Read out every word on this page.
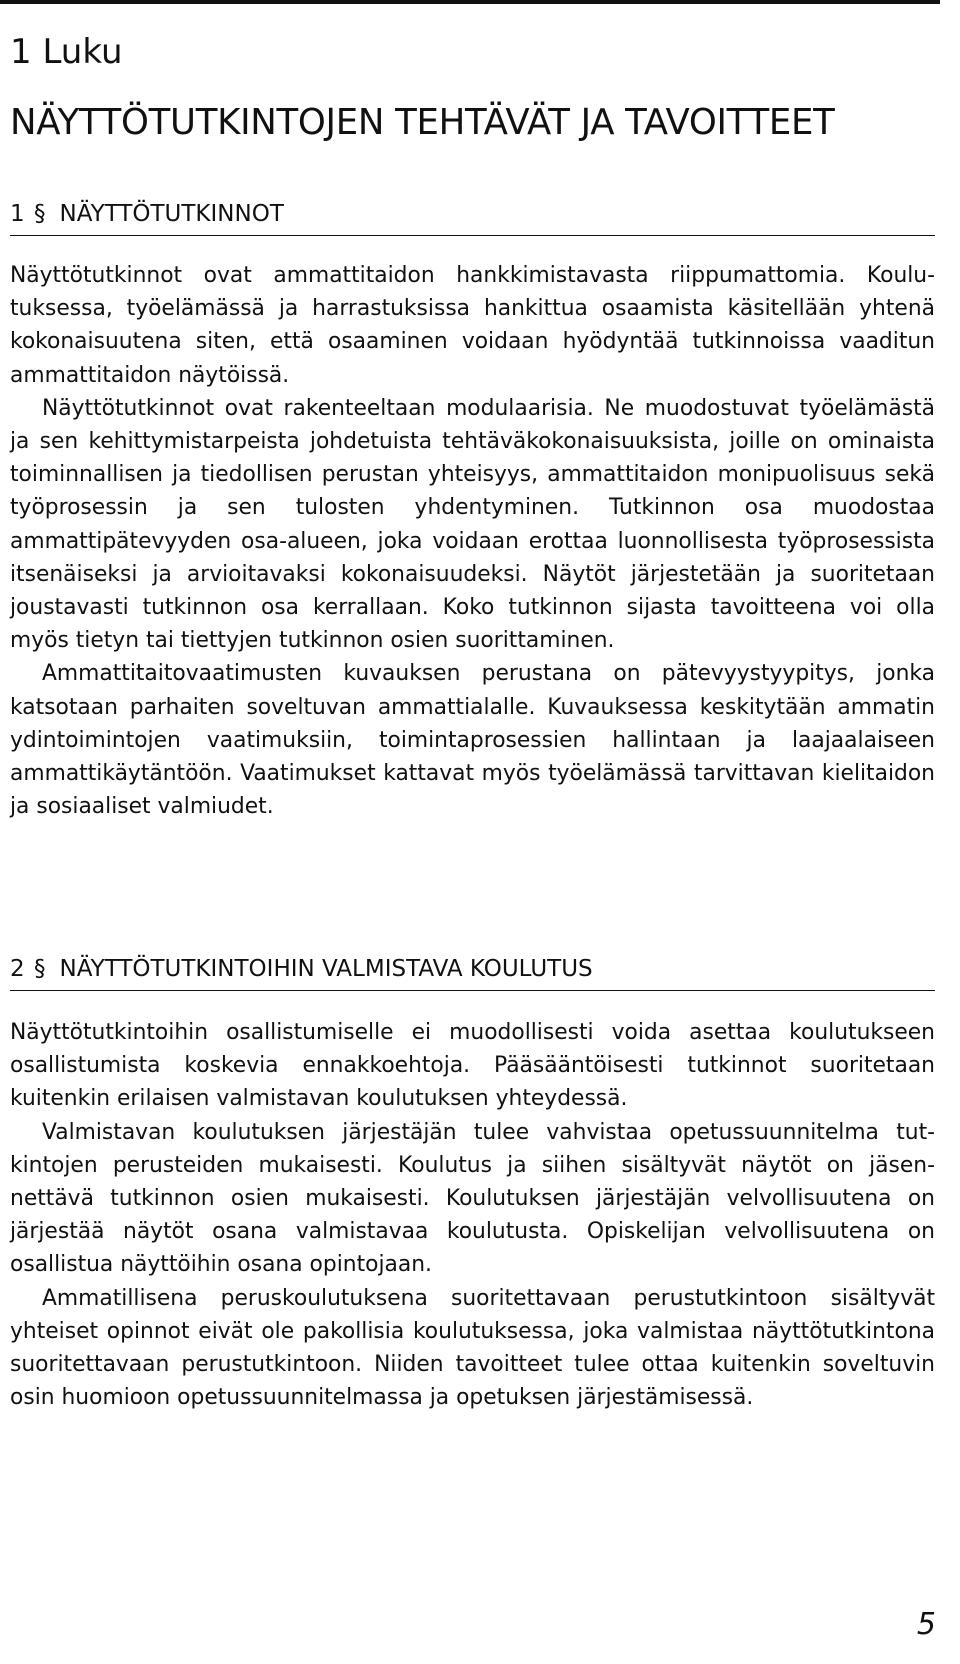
1 Luku
NÄYTTÖTUTKINTOJEN TEHTÄVÄT JA TAVOITTEET
1 § NÄYTTÖTUTKINNOT

Näyttötutkinnot ovat ammattitaidon hankkimistavasta riippumattomia. Koulutuksessa, työelämässä ja harrastuksissa hankittua osaamista käsitellään yhtenä kokonaisuutena siten, että osaaminen voidaan hyödyntää tutkinnoissa vaaditun ammattitaidon näytöissä.

Näyttötutkinnot ovat rakenteeltaan modulaarisia. Ne muodostuvat työelämästä ja sen kehittymistarpeista johdetuista tehtäväkokonaisuuksista, joille on ominaista toiminnallisen ja tiedollisen perustan yhteisyys, ammattitaidon monipuolisuus sekä työprosessin ja sen tulosten yhdentyminen. Tutkinnon osa muodostaa ammattipätevyyden osa-alueen, joka voidaan erottaa luonnollisesta työprosessista itsenäiseksi ja arvioitavaksi kokonaisuudeksi. Näytöt järjestetään ja suoritetaan joustavasti tutkinnon osa kerrallaan. Koko tutkinnon sijasta tavoitteena voi olla myös tietyn tai tiettyjen tutkinnon osien suorittaminen.

Ammattitaitovaatimusten kuvauksen perustana on pätevyystyypitys, jonka katsotaan parhaiten soveltuvan ammattialalle. Kuvauksessa keskitytään ammatin ydintoimintojen vaatimuksiin, toimintaprosessien hallintaan ja laajaalaiseen ammattikäytäntöön. Vaatimukset kattavat myös työelämässä tarvittavan kielitaidon ja sosiaaliset valmiudet.

2 § NÄYTTÖTUTKINTOIHIN VALMISTAVA KOULUTUS

Näyttötutkintoihin osallistumiselle ei muodollisesti voida asettaa koulutukseen osallistumista koskevia ennakkoehtoja. Pääsääntöisesti tutkinnot suoritetaan kuitenkin erilaisen valmistavan koulutuksen yhteydessä.

Valmistavan koulutuksen järjestäjän tulee vahvistaa opetussuunnitelma tutkintojen perusteiden mukaisesti. Koulutus ja siihen sisältyvät näytöt on jäsennettävä tutkinnon osien mukaisesti. Koulutuksen järjestäjän velvollisuutena on järjestää näytöt osana valmistavaa koulutusta. Opiskelijan velvollisuutena on osallistua näyttöihin osana opintojaan.

Ammatillisena peruskoulutuksena suoritettavaan perustutkintoon sisältyvät yhteiset opinnot eivät ole pakollisia koulutuksessa, joka valmistaa näyttötutkintona suoritettavaan perustutkintoon. Niiden tavoitteet tulee ottaa kuitenkin soveltuvin osin huomioon opetussuunnitelmassa ja opetuksen järjestämisessä.

5
